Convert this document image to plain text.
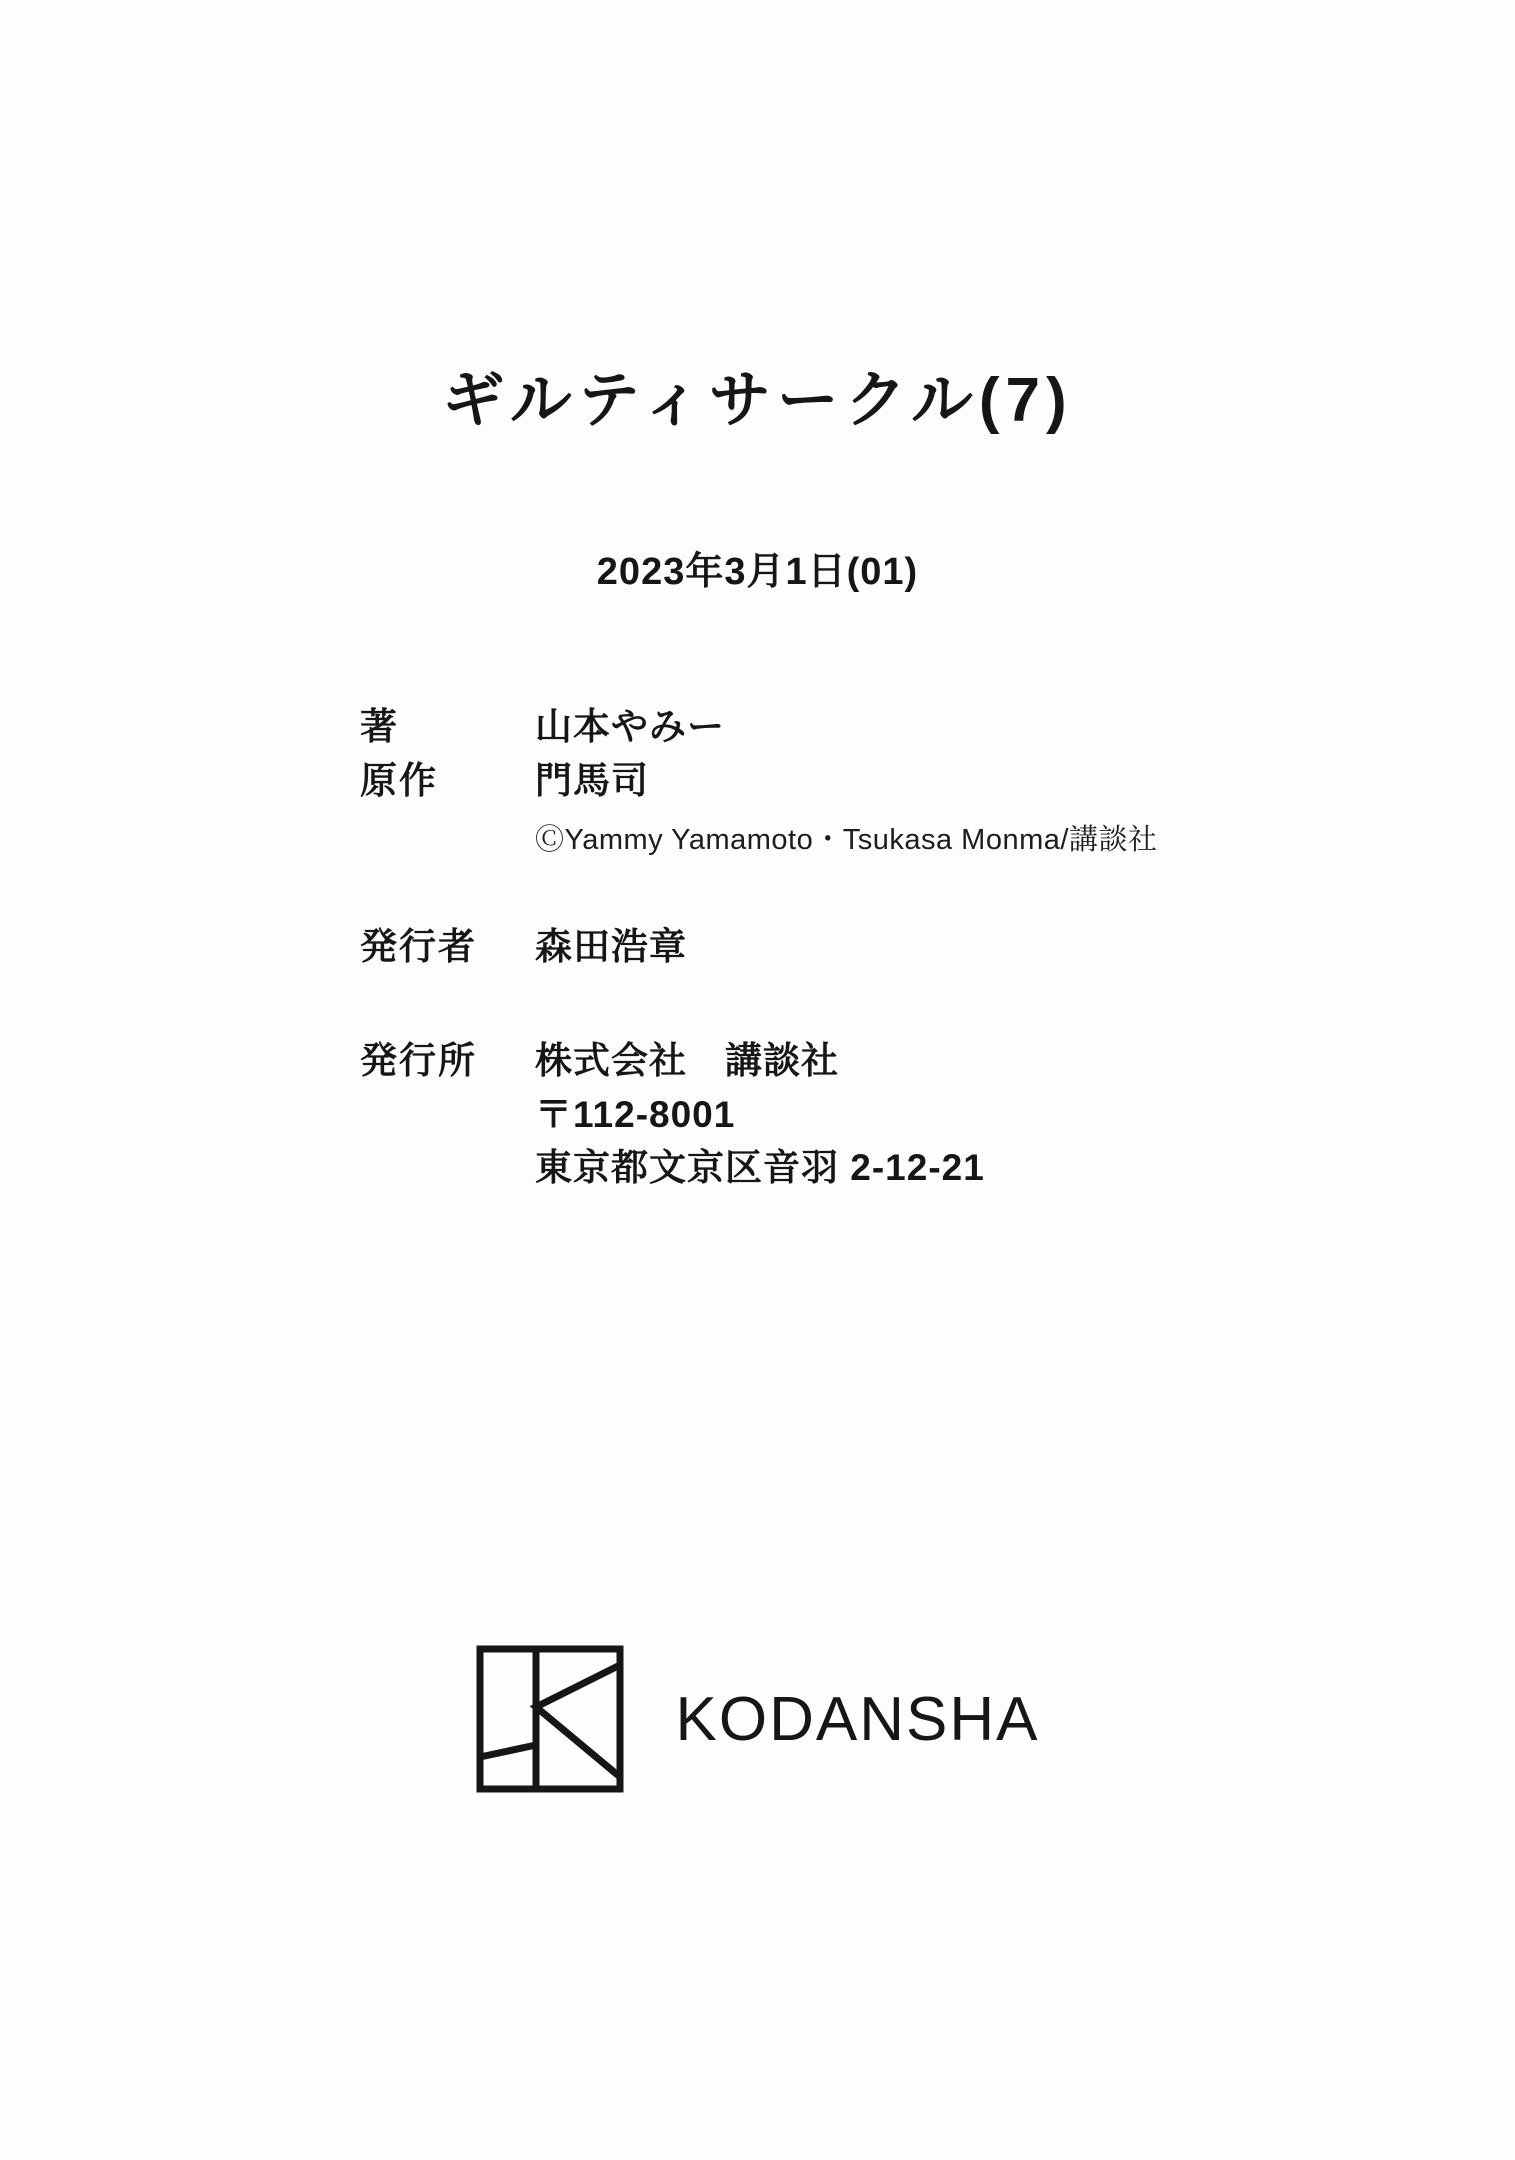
ギルティサークル(7)
2023年3月1日(01)
著	山本やみー
原作	門馬司
ⒸYammy Yamamoto・Tsukasa Monma/講談社
発行者	森田浩章
発行所	株式会社　講談社
〒112-8001
東京都文京区音羽 2-12-21
KODANSHA
